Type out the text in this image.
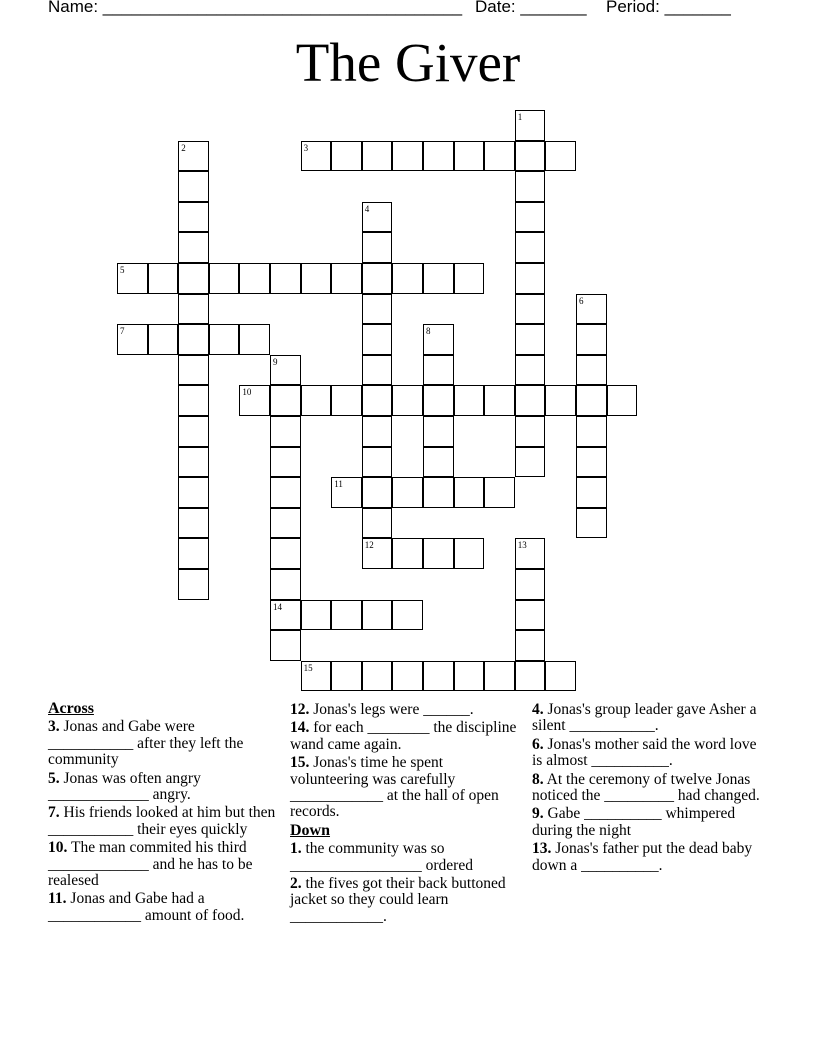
Name: ______________________________________ Date: _______ Period: _______
The Giver
3
5
7
10
11
12
14
15
1
2
4
6
8
9
13
Across
3. Jonas and Gabe were ___________ after they left the community
5. Jonas was often angry _____________ angry.
7. His friends looked at him but then ___________ their eyes quickly
10. The man commited his third _____________ and he has to be realesed
11. Jonas and Gabe had a ____________ amount of food.
12. Jonas's legs were ______.
14. for each ________ the discipline wand came again.
15. Jonas's time he spent volunteering was carefully ____________ at the hall of open records.
Down
1. the community was so _________________ ordered
2. the fives got their back buttoned jacket so they could learn ____________.
4. Jonas's group leader gave Asher a silent ___________.
6. Jonas's mother said the word love is almost __________.
8. At the ceremony of twelve Jonas noticed the _________ had changed.
9. Gabe __________ whimpered during the night
13. Jonas's father put the dead baby down a __________.
